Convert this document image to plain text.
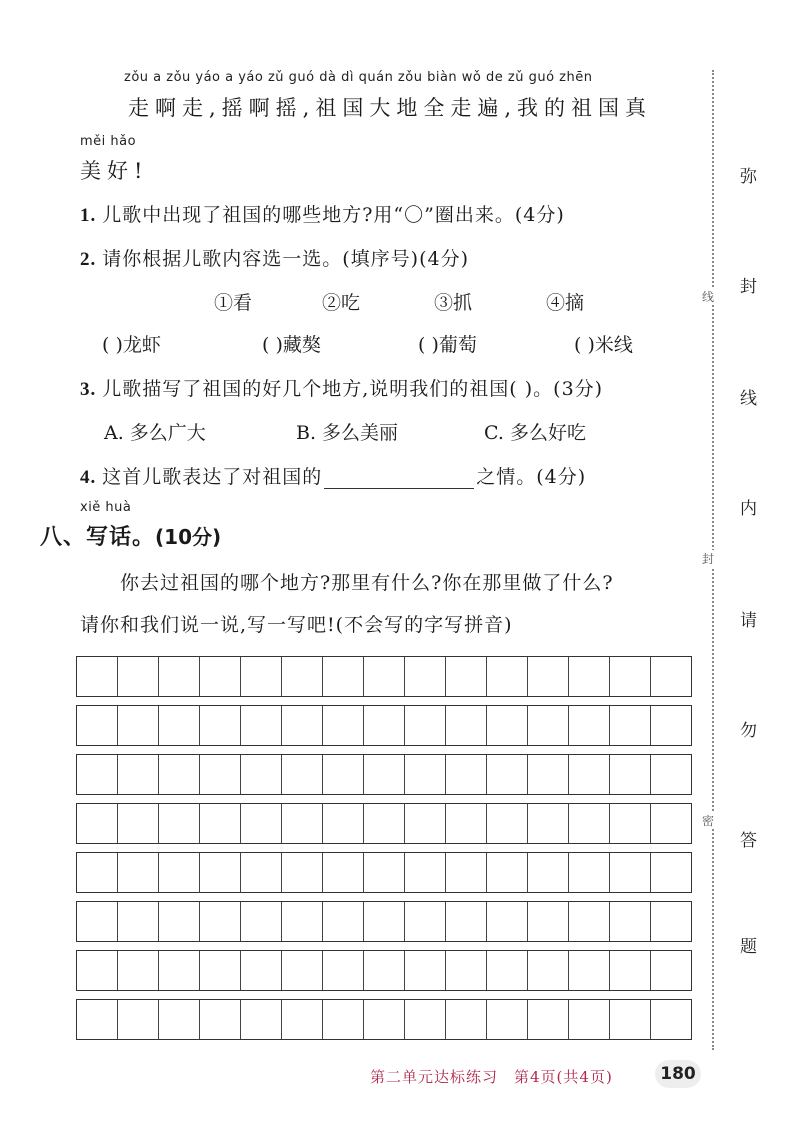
zǒu a zǒu yáo a yáo zǔ guó dà dì quán zǒu biàn wǒ de zǔ guó zhēn
走啊走,摇啊摇,祖国大地全走遍,我的祖国真
měi hǎo
美好!
1. 儿歌中出现了祖国的哪些地方?用“〇”圈出来。(4分)
2. 请你根据儿歌内容选一选。(填序号)(4分)
①看	②吃	③抓	④摘
( )龙虾	( )藏獒	( )葡萄	( )米线
3. 儿歌描写了祖国的好几个地方,说明我们的祖国( )。(3分)
A. 多么广大	B. 多么美丽	C. 多么好吃
4. 这首儿歌表达了对祖国的	之情。(4分)
xiě huà
八、写话。(10分)
你去过祖国的哪个地方?那里有什么?你在那里做了什么?
请你和我们说一说,写一写吧!(不会写的字写拼音)
弥
封
线
内
请
勿
答
题
线
封
密
第二单元达标练习 第4页(共4页)	180
